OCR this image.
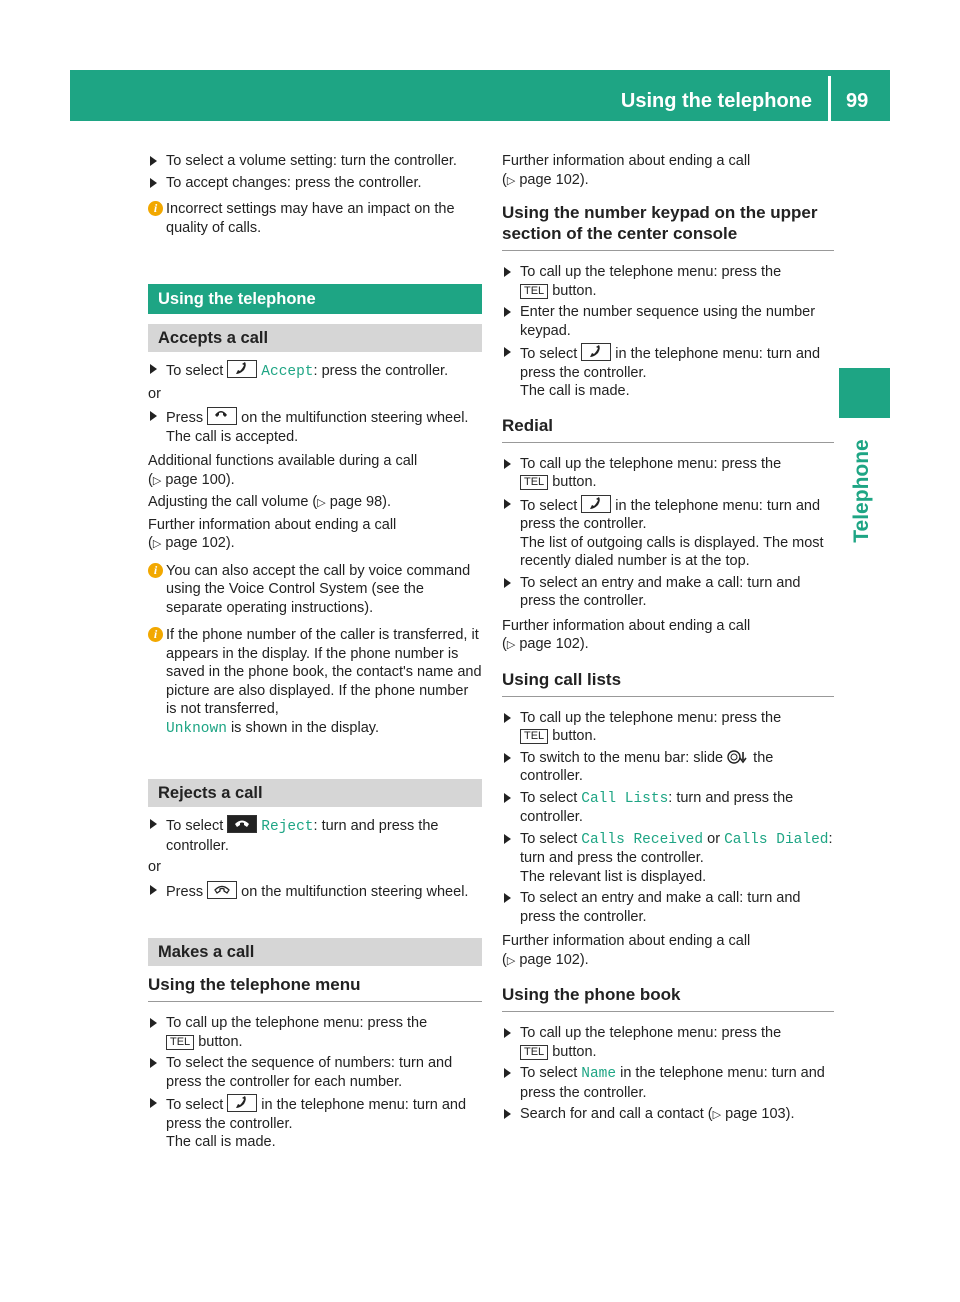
Using the telephone 99
Telephone
To select a volume setting: turn the controller.
To accept changes: press the controller.
i Incorrect settings may have an impact on the quality of calls.
Using the telephone
Accepts a call
To select	Accept: press the controller.
or
Press	on the multifunction steering wheel.
The call is accepted.
Additional functions available during a call
(▷ page 100).
Adjusting the call volume (▷ page 98).
Further information about ending a call
(▷ page 102).
i You can also accept the call by voice command using the Voice Control System (see the separate operating instructions).
i If the phone number of the caller is transferred, it appears in the display. If the phone number is saved in the phone book, the contact's name and picture are also displayed. If the phone number is not transferred,
Unknown is shown in the display.
Rejects a call
To select	Reject: turn and press the controller.
or
Press	on the multifunction steering wheel.
Makes a call
Using the telephone menu
To call up the telephone menu: press the
TEL button.
To select the sequence of numbers: turn and press the controller for each number.
To select	in the telephone menu: turn and press the controller.
The call is made.
Further information about ending a call
(▷ page 102).
Using the number keypad on the upper section of the center console
To call up the telephone menu: press the
TEL button.
Enter the number sequence using the number keypad.
To select	in the telephone menu: turn and press the controller.
The call is made.
Redial
To call up the telephone menu: press the
TEL button.
To select	in the telephone menu: turn and press the controller.
The list of outgoing calls is displayed. The most recently dialed number is at the top.
To select an entry and make a call: turn and press the controller.
Further information about ending a call
(▷ page 102).
Using call lists
To call up the telephone menu: press the
TEL button.
To switch to the menu bar: slide the controller.
To select Call Lists: turn and press the controller.
To select Calls Received or Calls Dialed: turn and press the controller.
The relevant list is displayed.
To select an entry and make a call: turn and press the controller.
Further information about ending a call
(▷ page 102).
Using the phone book
To call up the telephone menu: press the
TEL button.
To select Name in the telephone menu: turn and press the controller.
Search for and call a contact (▷ page 103).
